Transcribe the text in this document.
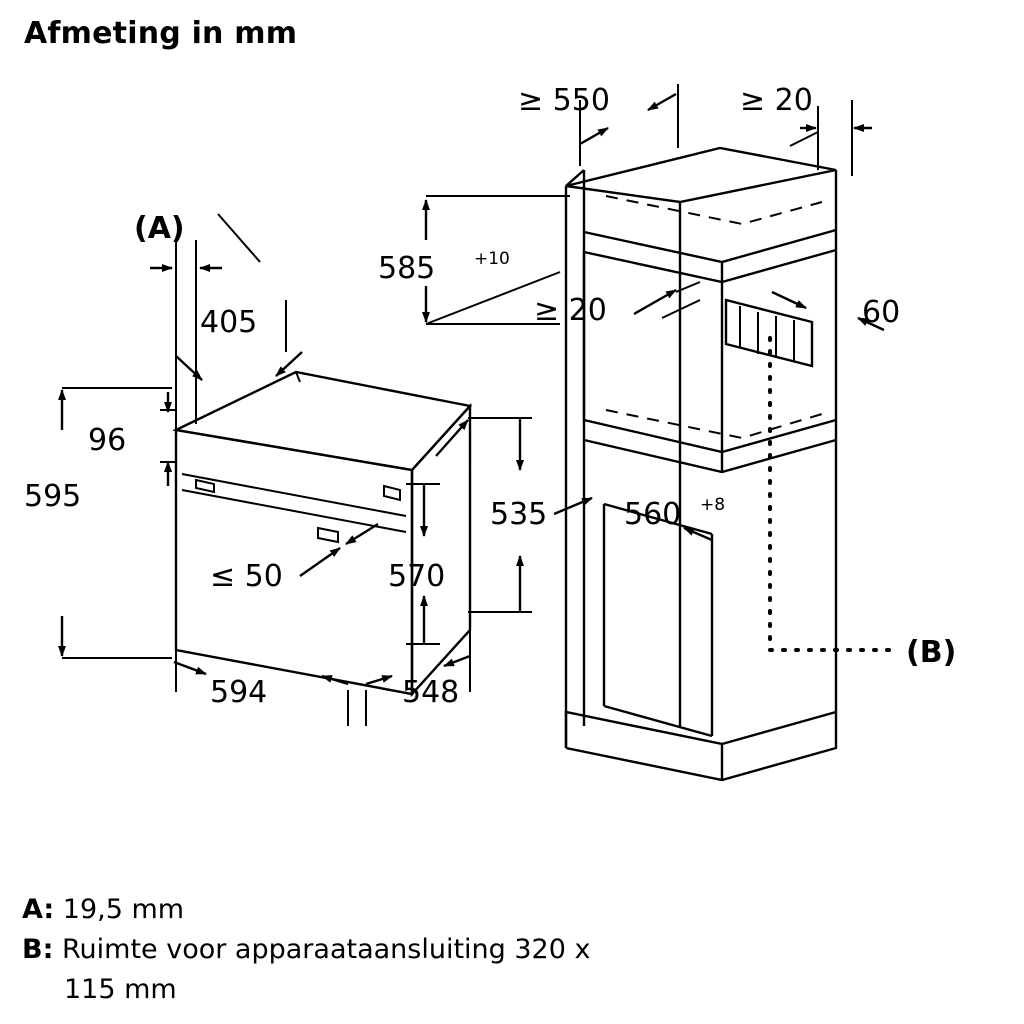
Afmeting in mm
(A)
405
96
595
≤ 50	570
535
594	548
≥ 550	≥ 20
585 +10
≥ 20	60
560 +8
(B)
A: 19,5 mm
B: Ruimte voor apparaataansluiting 320 x
115 mm
